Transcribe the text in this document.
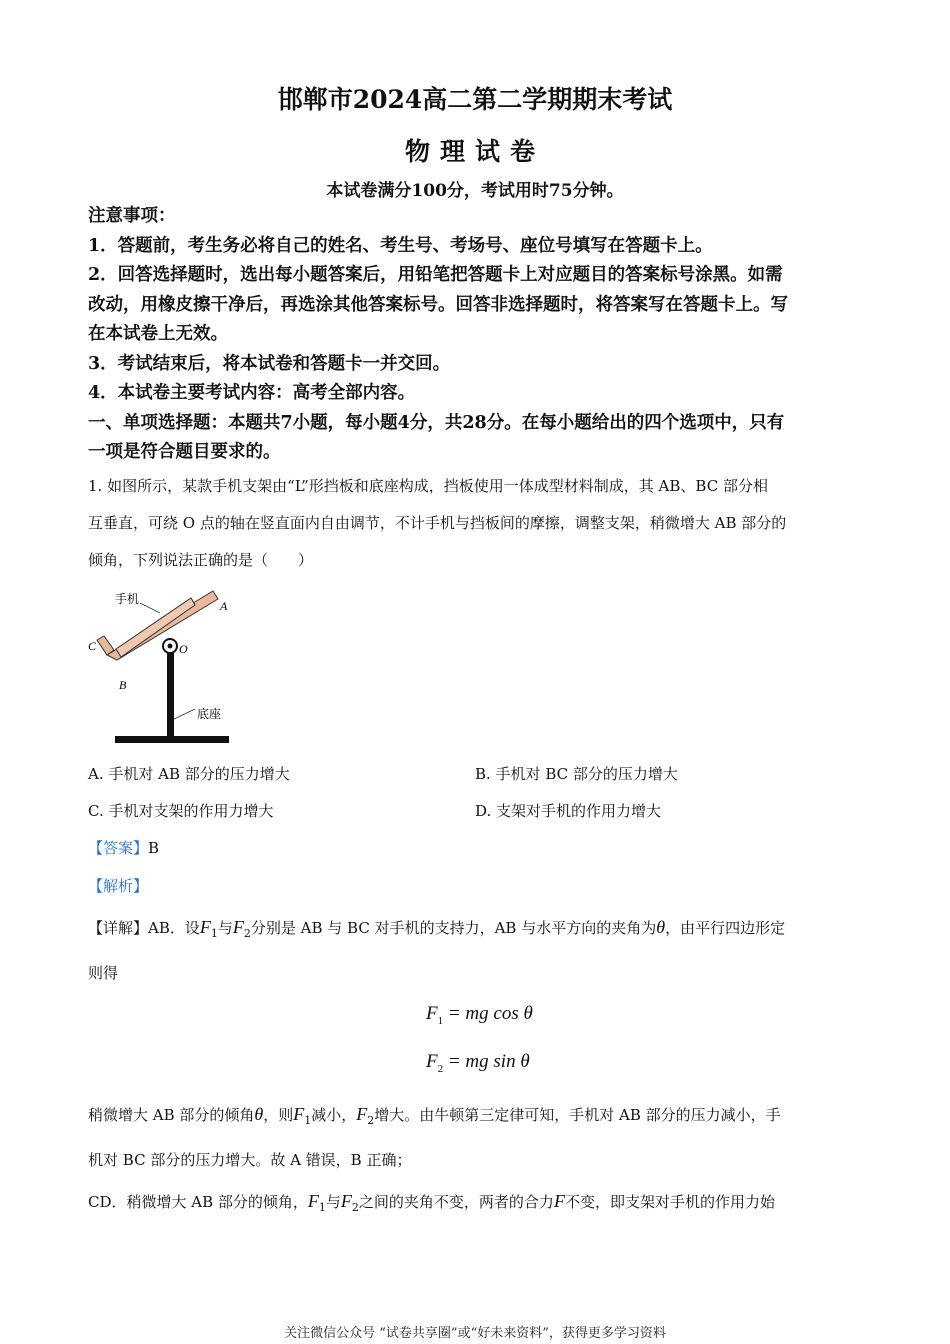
邯郸市2024高二第二学期期末考试
物理试卷
本试卷满分100分，考试用时75分钟。
注意事项：
1．答题前，考生务必将自己的姓名、考生号、考场号、座位号填写在答题卡上。
2．回答选择题时，选出每小题答案后，用铅笔把答题卡上对应题目的答案标号涂黑。如需
改动，用橡皮擦干净后，再选涂其他答案标号。回答非选择题时，将答案写在答题卡上。写
在本试卷上无效。
3．考试结束后，将本试卷和答题卡一并交回。
4．本试卷主要考试内容：高考全部内容。
一、单项选择题：本题共7小题，每小题4分，共28分。在每小题给出的四个选项中，只有
一项是符合题目要求的。
1. 如图所示，某款手机支架由“L”形挡板和底座构成，挡板使用一体成型材料制成，其 AB、BC 部分相
互垂直，可绕 O 点的轴在竖直面内自由调节，不计手机与挡板间的摩擦，调整支架，稍微增大 AB 部分的
倾角，下列说法正确的是（　　）
手机	A
C
B
O
底座
A. 手机对 AB 部分的压力增大	B. 手机对 BC 部分的压力增大
C. 手机对支架的作用力增大	D. 支架对手机的作用力增大
【答案】B
【解析】
【详解】AB．设$F_1$与$F_2$分别是 AB 与 BC 对手机的支持力，AB 与水平方向的夹角为θ，由平行四边形定
则得
$F_1$ = mg cos θ
$F_2$ = mg sin θ
稍微增大 AB 部分的倾角θ，则$F_1$减小，$F_2$增大。由牛顿第三定律可知，手机对 AB 部分的压力减小，手
机对 BC 部分的压力增大。故 A 错误，B 正确；
CD．稍微增大 AB 部分的倾角，$F_1$与$F_2$之间的夹角不变，两者的合力F不变，即支架对手机的作用力始
关注微信公众号 “试卷共享圈”或“好未来资料”，获得更多学习资料
